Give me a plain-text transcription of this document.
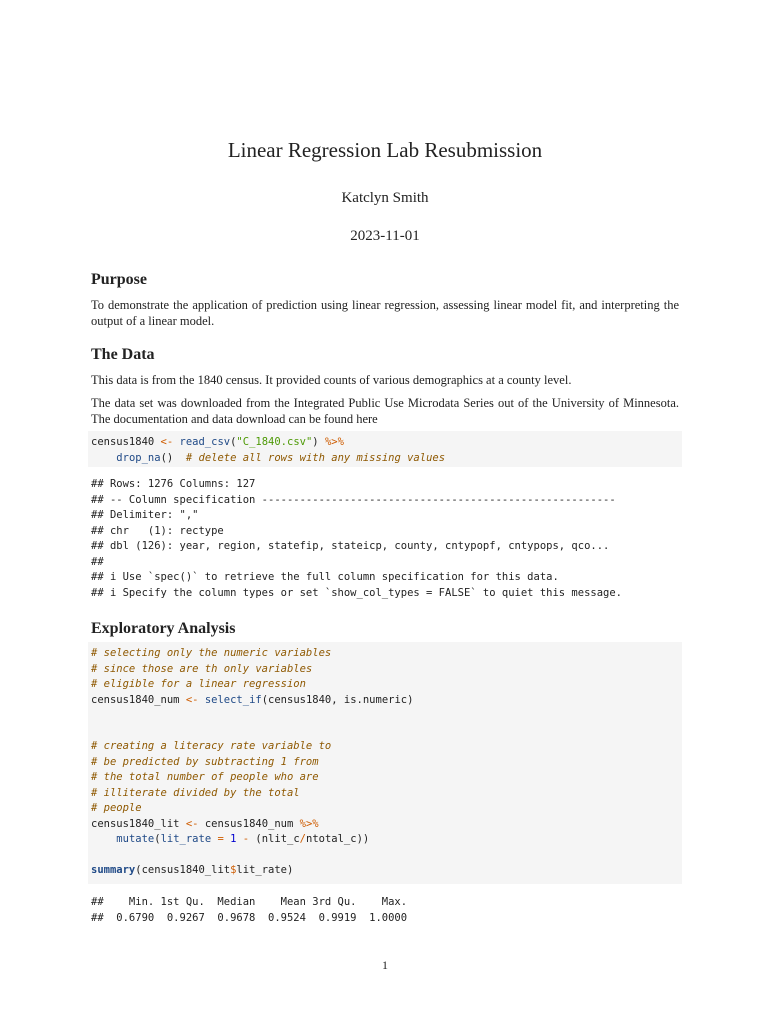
Linear Regression Lab Resubmission
Katclyn Smith
2023-11-01
Purpose

To demonstrate the application of prediction using linear regression, assessing linear model fit, and interpreting the output of a linear model.

The Data

This data is from the 1840 census. It provided counts of various demographics at a county level.

The data set was downloaded from the Integrated Public Use Microdata Series out of the University of Minnesota. The documentation and data download can be found here

census1840 <- read_csv("C_1840.csv") %>%
drop_na()  # delete all rows with any missing values
## Rows: 1276 Columns: 127
## -- Column specification --------------------------------------------------------
## Delimiter: ","
## chr   (1): rectype
## dbl (126): year, region, statefip, stateicp, county, cntypopf, cntypops, qco...
##
## i Use `spec()` to retrieve the full column specification for this data.
## i Specify the column types or set `show_col_types = FALSE` to quiet this message.
Exploratory Analysis
# selecting only the numeric variables
# since those are th only variables
# eligible for a linear regression
census1840_num <- select_if(census1840, is.numeric)
# creating a literacy rate variable to
# be predicted by subtracting 1 from
# the total number of people who are
# illiterate divided by the total
# people
census1840_lit <- census1840_num %>%
mutate(lit_rate = 1 - (nlit_c/ntotal_c))
summary(census1840_lit$lit_rate)
##    Min. 1st Qu.  Median    Mean 3rd Qu.    Max.
##  0.6790  0.9267  0.9678  0.9524  0.9919  1.0000
1
